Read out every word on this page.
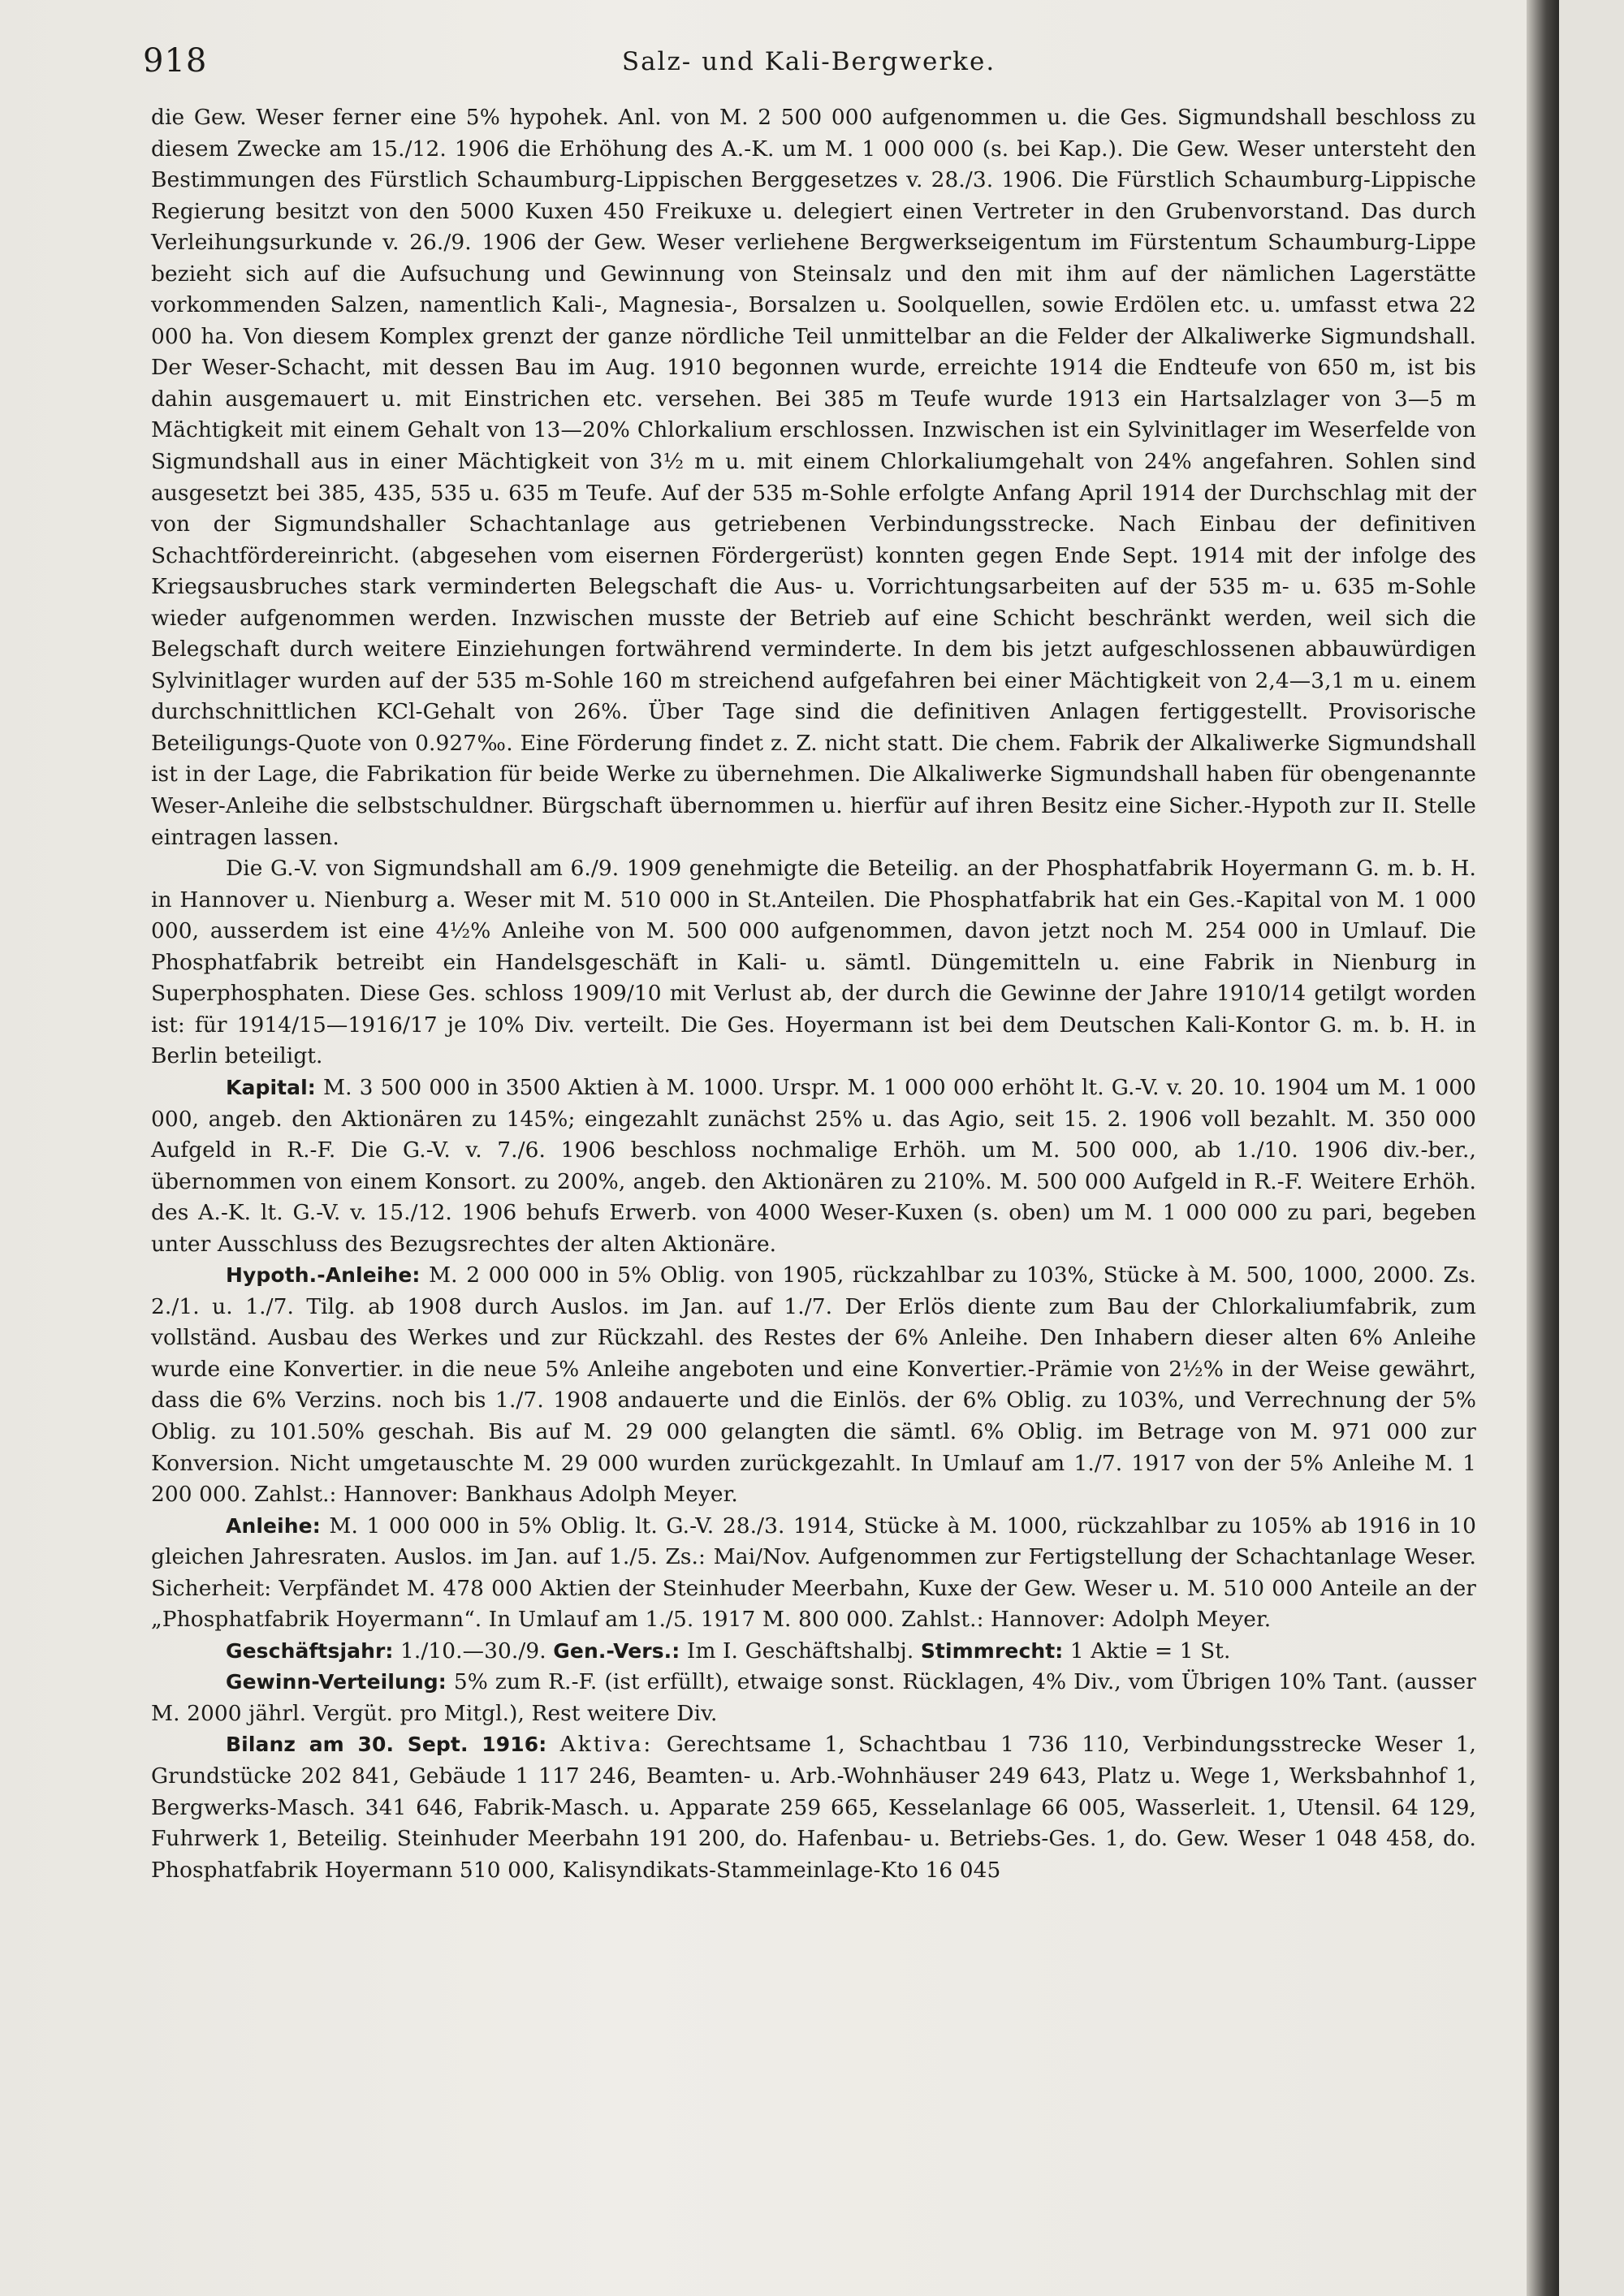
918	Salz- und Kali-Bergwerke.

die Gew. Weser ferner eine 5% hypohek. Anl. von M. 2 500 000 aufgenommen u. die Ges. Sigmundshall beschloss zu diesem Zwecke am 15./12. 1906 die Erhöhung des A.-K. um M. 1 000 000 (s. bei Kap.). Die Gew. Weser untersteht den Bestimmungen des Fürstlich Schaumburg-Lippischen Berggesetzes v. 28./3. 1906. Die Fürstlich Schaumburg-Lippische Regierung besitzt von den 5000 Kuxen 450 Freikuxe u. delegiert einen Vertreter in den Grubenvorstand. Das durch Verleihungsurkunde v. 26./9. 1906 der Gew. Weser verliehene Bergwerkseigentum im Fürstentum Schaumburg-Lippe bezieht sich auf die Aufsuchung und Gewinnung von Steinsalz und den mit ihm auf der nämlichen Lagerstätte vorkommenden Salzen, namentlich Kali-, Magnesia-, Borsalzen u. Soolquellen, sowie Erdölen etc. u. umfasst etwa 22 000 ha. Von diesem Komplex grenzt der ganze nördliche Teil unmittelbar an die Felder der Alkaliwerke Sigmundshall. Der Weser-Schacht, mit dessen Bau im Aug. 1910 begonnen wurde, erreichte 1914 die Endteufe von 650 m, ist bis dahin ausgemauert u. mit Einstrichen etc. versehen. Bei 385 m Teufe wurde 1913 ein Hartsalzlager von 3—5 m Mächtigkeit mit einem Gehalt von 13—20% Chlorkalium erschlossen. Inzwischen ist ein Sylvinitlager im Weserfelde von Sigmundshall aus in einer Mächtigkeit von 3½ m u. mit einem Chlorkaliumgehalt von 24% angefahren. Sohlen sind ausgesetzt bei 385, 435, 535 u. 635 m Teufe. Auf der 535 m-Sohle erfolgte Anfang April 1914 der Durchschlag mit der von der Sigmundshaller Schachtanlage aus getriebenen Verbindungsstrecke. Nach Einbau der definitiven Schachtfördereinricht. (abgesehen vom eisernen Fördergerüst) konnten gegen Ende Sept. 1914 mit der infolge des Kriegsausbruches stark verminderten Belegschaft die Aus- u. Vorrichtungsarbeiten auf der 535 m- u. 635 m-Sohle wieder aufgenommen werden. Inzwischen musste der Betrieb auf eine Schicht beschränkt werden, weil sich die Belegschaft durch weitere Einziehungen fortwährend verminderte. In dem bis jetzt aufgeschlossenen abbauwürdigen Sylvinitlager wurden auf der 535 m-Sohle 160 m streichend aufgefahren bei einer Mächtigkeit von 2,4—3,1 m u. einem durchschnittlichen KCl-Gehalt von 26%. Über Tage sind die definitiven Anlagen fertiggestellt. Provisorische Beteiligungs-Quote von 0.927‰. Eine Förderung findet z. Z. nicht statt. Die chem. Fabrik der Alkaliwerke Sigmundshall ist in der Lage, die Fabrikation für beide Werke zu übernehmen. Die Alkaliwerke Sigmundshall haben für obengenannte Weser-Anleihe die selbstschuldner. Bürgschaft übernommen u. hierfür auf ihren Besitz eine Sicher.-Hypoth zur II. Stelle eintragen lassen.

Die G.-V. von Sigmundshall am 6./9. 1909 genehmigte die Beteilig. an der Phosphatfabrik Hoyermann G. m. b. H. in Hannover u. Nienburg a. Weser mit M. 510 000 in St.Anteilen. Die Phosphatfabrik hat ein Ges.-Kapital von M. 1 000 000, ausserdem ist eine 4½% Anleihe von M. 500 000 aufgenommen, davon jetzt noch M. 254 000 in Umlauf. Die Phosphatfabrik betreibt ein Handelsgeschäft in Kali- u. sämtl. Düngemitteln u. eine Fabrik in Nienburg in Superphosphaten. Diese Ges. schloss 1909/10 mit Verlust ab, der durch die Gewinne der Jahre 1910/14 getilgt worden ist: für 1914/15—1916/17 je 10% Div. verteilt. Die Ges. Hoyermann ist bei dem Deutschen Kali-Kontor G. m. b. H. in Berlin beteiligt.

Kapital: M. 3 500 000 in 3500 Aktien à M. 1000. Urspr. M. 1 000 000 erhöht lt. G.-V. v. 20. 10. 1904 um M. 1 000 000, angeb. den Aktionären zu 145%; eingezahlt zunächst 25% u. das Agio, seit 15. 2. 1906 voll bezahlt. M. 350 000 Aufgeld in R.-F. Die G.-V. v. 7./6. 1906 beschloss nochmalige Erhöh. um M. 500 000, ab 1./10. 1906 div.-ber., übernommen von einem Konsort. zu 200%, angeb. den Aktionären zu 210%. M. 500 000 Aufgeld in R.-F. Weitere Erhöh. des A.-K. lt. G.-V. v. 15./12. 1906 behufs Erwerb. von 4000 Weser-Kuxen (s. oben) um M. 1 000 000 zu pari, begeben unter Ausschluss des Bezugsrechtes der alten Aktionäre.

Hypoth.-Anleihe: M. 2 000 000 in 5% Oblig. von 1905, rückzahlbar zu 103%, Stücke à M. 500, 1000, 2000. Zs. 2./1. u. 1./7. Tilg. ab 1908 durch Auslos. im Jan. auf 1./7. Der Erlös diente zum Bau der Chlorkaliumfabrik, zum vollständ. Ausbau des Werkes und zur Rückzahl. des Restes der 6% Anleihe. Den Inhabern dieser alten 6% Anleihe wurde eine Konvertier. in die neue 5% Anleihe angeboten und eine Konvertier.-Prämie von 2½% in der Weise gewährt, dass die 6% Verzins. noch bis 1./7. 1908 andauerte und die Einlös. der 6% Oblig. zu 103%, und Verrechnung der 5% Oblig. zu 101.50% geschah. Bis auf M. 29 000 gelangten die sämtl. 6% Oblig. im Betrage von M. 971 000 zur Konversion. Nicht umgetauschte M. 29 000 wurden zurückgezahlt. In Umlauf am 1./7. 1917 von der 5% Anleihe M. 1 200 000. Zahlst.: Hannover: Bankhaus Adolph Meyer.

Anleihe: M. 1 000 000 in 5% Oblig. lt. G.-V. 28./3. 1914, Stücke à M. 1000, rückzahlbar zu 105% ab 1916 in 10 gleichen Jahresraten. Auslos. im Jan. auf 1./5. Zs.: Mai/Nov. Aufgenommen zur Fertigstellung der Schachtanlage Weser. Sicherheit: Verpfändet M. 478 000 Aktien der Steinhuder Meerbahn, Kuxe der Gew. Weser u. M. 510 000 Anteile an der „Phosphatfabrik Hoyermann“. In Umlauf am 1./5. 1917 M. 800 000. Zahlst.: Hannover: Adolph Meyer.

Geschäftsjahr: 1./10.—30./9. Gen.-Vers.: Im I. Geschäftshalbj. Stimmrecht: 1 Aktie = 1 St.

Gewinn-Verteilung: 5% zum R.-F. (ist erfüllt), etwaige sonst. Rücklagen, 4% Div., vom Übrigen 10% Tant. (ausser M. 2000 jährl. Vergüt. pro Mitgl.), Rest weitere Div.

Bilanz am 30. Sept. 1916: Aktiva: Gerechtsame 1, Schachtbau 1 736 110, Verbindungsstrecke Weser 1, Grundstücke 202 841, Gebäude 1 117 246, Beamten- u. Arb.-Wohnhäuser 249 643, Platz u. Wege 1, Werksbahnhof 1, Bergwerks-Masch. 341 646, Fabrik-Masch. u. Apparate 259 665, Kesselanlage 66 005, Wasserleit. 1, Utensil. 64 129, Fuhrwerk 1, Beteilig. Steinhuder Meerbahn 191 200, do. Hafenbau- u. Betriebs-Ges. 1, do. Gew. Weser 1 048 458, do. Phosphatfabrik Hoyermann 510 000, Kalisyndikats-Stammeinlage-Kto 16 045
